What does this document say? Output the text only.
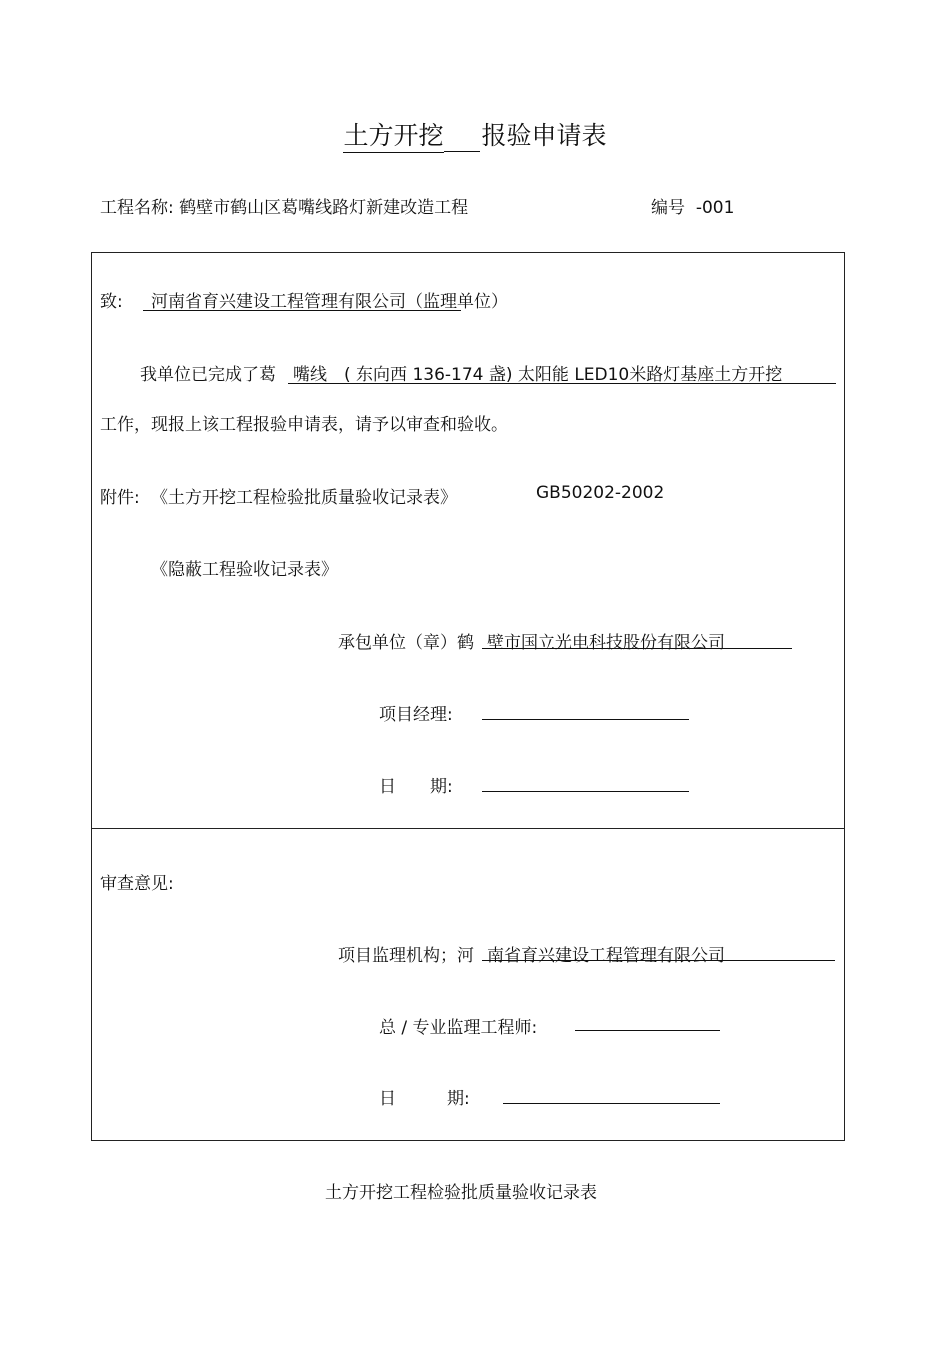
土方开挖 报验申请表
工程名称: 鹤壁市鹤山区葛嘴线路灯新建改造工程	编号 -001
致: 河南省育兴建设工程管理有限公司（监理单位）
我单位已完成了葛 嘴线　( 东向西 136-174 盏) 太阳能 LED10米路灯基座土方开挖
工作，现报上该工程报验申请表，请予以审查和验收。
附件: 《土方开挖工程检验批质量验收记录表》	GB50202-2002
《隐蔽工程验收记录表》
承包单位（章）鹤 壁市国立光电科技股份有限公司
项目经理:
日　　期:
审查意见:
项目监理机构；河 南省育兴建设工程管理有限公司
总 / 专业监理工程师:
日　　　期:
土方开挖工程检验批质量验收记录表
